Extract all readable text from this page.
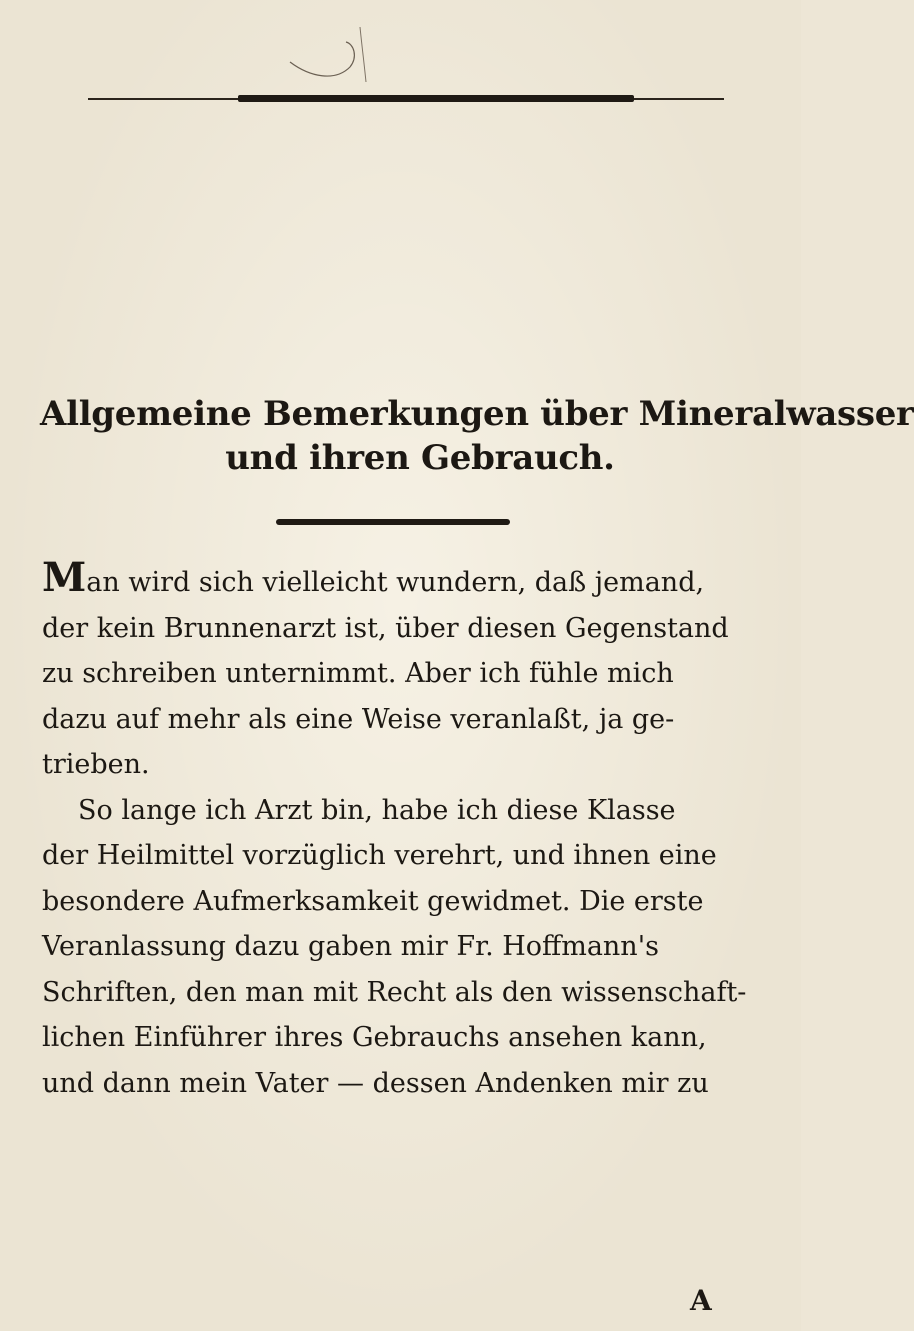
Allgemeine Bemerkungen über Mineralwasser
und ihren Gebrauch.
Man wird sich vielleicht wundern, daß jemand,
der kein Brunnenarzt ist, über diesen Gegenstand
zu schreiben unternimmt. Aber ich fühle mich
dazu auf mehr als eine Weise veranlaßt, ja ge-
trieben.
So lange ich Arzt bin, habe ich diese Klasse
der Heilmittel vorzüglich verehrt, und ihnen eine
besondere Aufmerksamkeit gewidmet. Die erste
Veranlassung dazu gaben mir Fr. Hoffmann's
Schriften, den man mit Recht als den wissenschaft-
lichen Einführer ihres Gebrauchs ansehen kann,
und dann mein Vater — dessen Andenken mir zu
A
